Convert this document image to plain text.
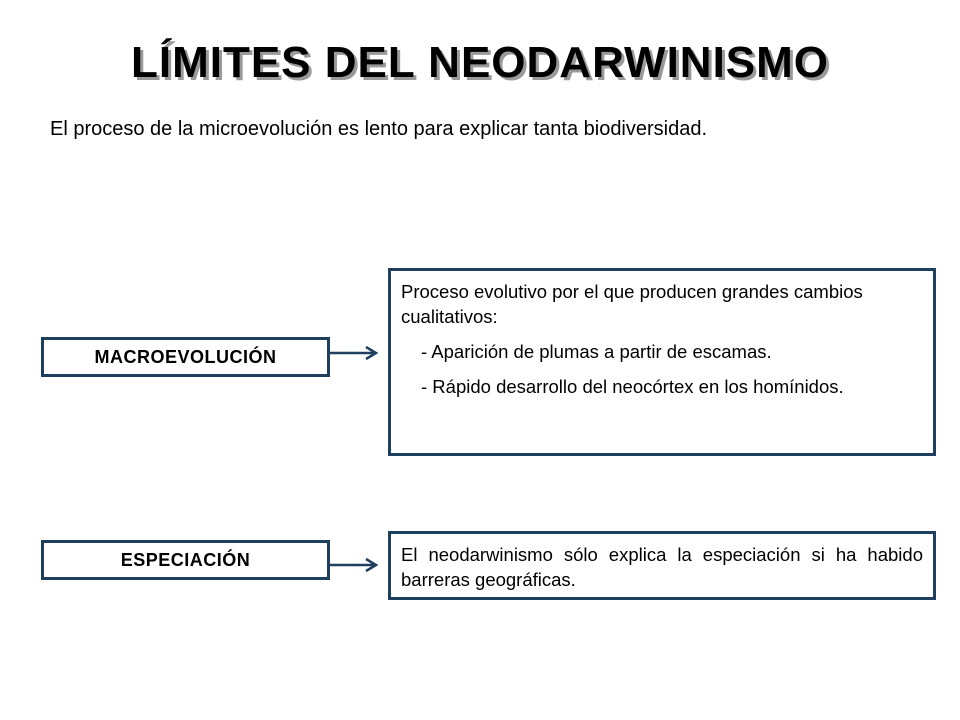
LÍMITES DEL NEODARWINISMO

El proceso de la microevolución es lento para explicar tanta biodiversidad.

MACROEVOLUCIÓN

Proceso evolutivo por el que producen grandes cambios cualitativos:

- Aparición de plumas a partir de escamas.

- Rápido desarrollo del neocórtex en los homínidos.

ESPECIACIÓN	El neodarwinismo sólo explica la especiación si ha habido barreras geográficas.
